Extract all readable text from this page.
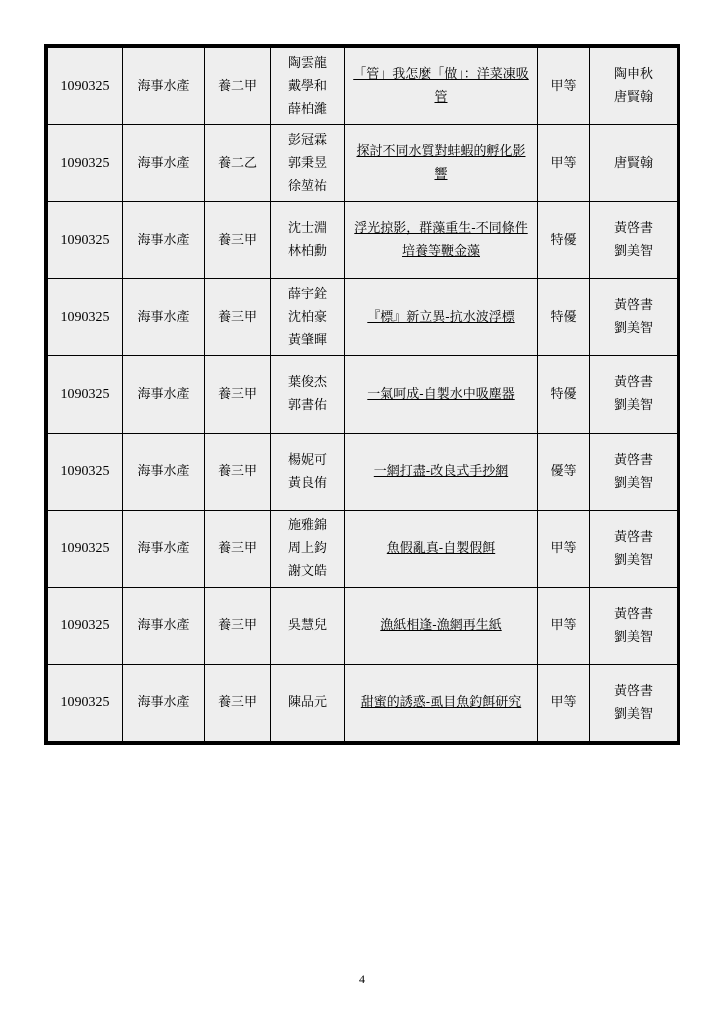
1090325	海事水產	養二甲	陶雲龍
戴學和
薛柏濰	「管」我怎麼「做」：洋菜凍吸管	甲等	陶申秋
唐賢翰

1090325	海事水產	養二乙	彭冠霖
郭秉昱
徐堃祐	探討不同水質對蚌蝦的孵化影響	甲等	唐賢翰

1090325	海事水產	養三甲	沈士淵
林柏勳	浮光掠影，群藻重生-不同條件培養等鞭金藻	特優	黃啓書
劉美智

1090325	海事水產	養三甲	薛宇銓
沈柏豪
黃肇暉	『標』新立異-抗水波浮標	特優	黃啓書
劉美智

1090325	海事水產	養三甲	葉俊杰
郭書佑	一氣呵成-自製水中吸塵器	特優	黃啓書
劉美智

1090325	海事水產	養三甲	楊妮可
黃良侑	一網打盡-改良式手抄網	優等	黃啓書
劉美智

1090325	海事水產	養三甲	施雅錦
周上鈞
謝文皓	魚假亂真-自製假餌	甲等	黃啓書
劉美智

1090325	海事水產	養三甲	吳慧兒	漁紙相逢-漁網再生紙	甲等	黃啓書
劉美智

1090325	海事水產	養三甲	陳品元	甜蜜的誘惑-虱目魚釣餌研究	甲等	黃啓書
劉美智
4
